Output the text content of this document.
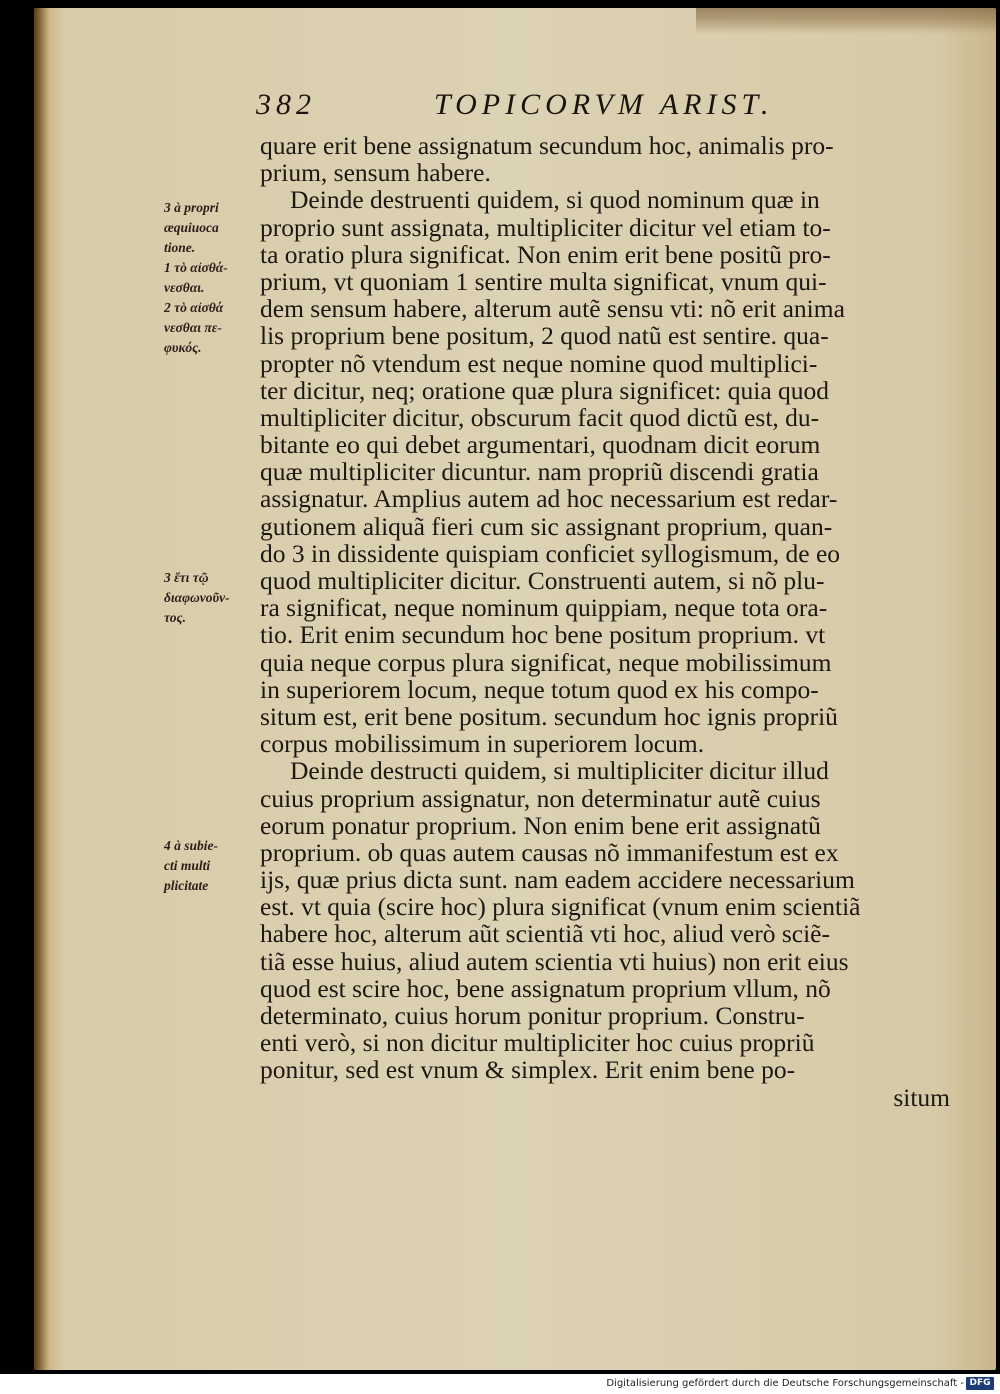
382	TOPICORVM ARIST.
3 à propri
æquiuoca
tione.
1 τὸ αἰσθά-
νεσθαι.
2 τὸ αἰσθά
νεσθαι πε-
φυκός.
3 ἔτι τῷ
διαφωνοῦν-
τος.
4 à subie-
cti multi
plicitate
quare erit bene assignatum secundum hoc, animalis pro-
prium, sensum habere.
Deinde destruenti quidem, si quod nominum quæ in
proprio sunt assignata, multipliciter dicitur vel etiam to-
ta oratio plura significat. Non enim erit bene positũ pro-
prium, vt quoniam 1 sentire multa significat, vnum qui-
dem sensum habere, alterum autẽ sensu vti: nõ erit anima
lis proprium bene positum, 2 quod natũ est sentire. qua-
propter nõ vtendum est neque nomine quod multiplici-
ter dicitur, neq; oratione quæ plura significet: quia quod
multipliciter dicitur, obscurum facit quod dictũ est, du-
bitante eo qui debet argumentari, quodnam dicit eorum
quæ multipliciter dicuntur. nam propriũ discendi gratia
assignatur. Amplius autem ad hoc necessarium est redar-
gutionem aliquã fieri cum sic assignant proprium, quan-
do 3 in dissidente quispiam conficiet syllogismum, de eo
quod multipliciter dicitur. Construenti autem, si nõ plu-
ra significat, neque nominum quippiam, neque tota ora-
tio. Erit enim secundum hoc bene positum proprium. vt
quia neque corpus plura significat, neque mobilissimum
in superiorem locum, neque totum quod ex his compo-
situm est, erit bene positum. secundum hoc ignis propriũ
corpus mobilissimum in superiorem locum.
Deinde destructi quidem, si multipliciter dicitur illud
cuius proprium assignatur, non determinatur autẽ cuius
eorum ponatur proprium. Non enim bene erit assignatũ
proprium. ob quas autem causas nõ immanifestum est ex
ijs, quæ prius dicta sunt. nam eadem accidere necessarium
est. vt quia (scire hoc) plura significat (vnum enim scientiã
habere hoc, alterum aũt scientiã vti hoc, aliud verò sciẽ-
tiã esse huius, aliud autem scientia vti huius) non erit eius
quod est scire hoc, bene assignatum proprium vllum, nõ
determinato, cuius horum ponitur proprium. Constru-
enti verò, si non dicitur multipliciter hoc cuius propriũ
ponitur, sed est vnum & simplex. Erit enim bene po-
situm
Digitalisierung gefördert durch die Deutsche Forschungsgemeinschaft - DFG
